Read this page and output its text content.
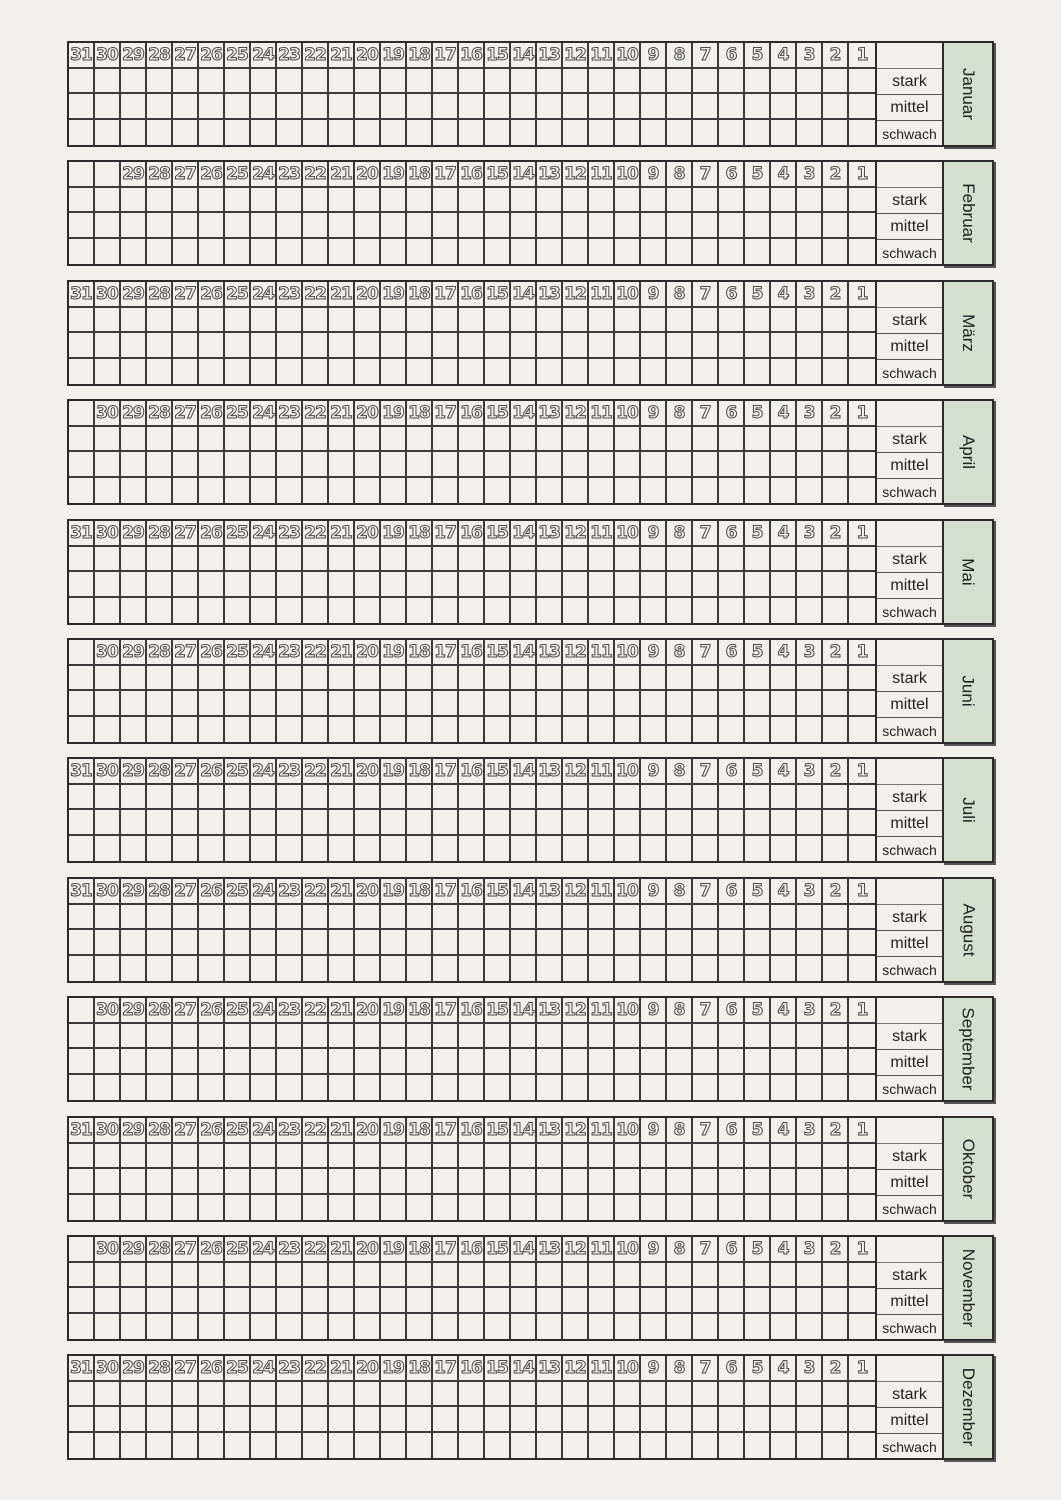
31 30 29 28 27 26 25 24 23 22 21 20 19 18 17 16 15 14 13 12 11 10 9 8 7 6 5 4 3 2 1
stark
mittel
schwach
Januar
29 28 27 26 25 24 23 22 21 20 19 18 17 16 15 14 13 12 11 10 9 8 7 6 5 4 3 2 1
stark
mittel
schwach
Februar
31 30 29 28 27 26 25 24 23 22 21 20 19 18 17 16 15 14 13 12 11 10 9 8 7 6 5 4 3 2 1
stark
mittel
schwach
März
30 29 28 27 26 25 24 23 22 21 20 19 18 17 16 15 14 13 12 11 10 9 8 7 6 5 4 3 2 1
stark
mittel
schwach
April
31 30 29 28 27 26 25 24 23 22 21 20 19 18 17 16 15 14 13 12 11 10 9 8 7 6 5 4 3 2 1
stark
mittel
schwach
Mai
30 29 28 27 26 25 24 23 22 21 20 19 18 17 16 15 14 13 12 11 10 9 8 7 6 5 4 3 2 1
stark
mittel
schwach
Juni
31 30 29 28 27 26 25 24 23 22 21 20 19 18 17 16 15 14 13 12 11 10 9 8 7 6 5 4 3 2 1
stark
mittel
schwach
Juli
31 30 29 28 27 26 25 24 23 22 21 20 19 18 17 16 15 14 13 12 11 10 9 8 7 6 5 4 3 2 1
stark
mittel
schwach
August
30 29 28 27 26 25 24 23 22 21 20 19 18 17 16 15 14 13 12 11 10 9 8 7 6 5 4 3 2 1
stark
mittel
schwach	September
31 30 29 28 27 26 25 24 23 22 21 20 19 18 17 16 15 14 13 12 11 10 9 8 7 6 5 4 3 2 1
stark
mittel
schwach
Oktober
30 29 28 27 26 25 24 23 22 21 20 19 18 17 16 15 14 13 12 11 10 9 8 7 6 5 4 3 2 1
stark
mittel
schwach
November
31 30 29 28 27 26 25 24 23 22 21 20 19 18 17 16 15 14 13 12 11 10 9 8 7 6 5 4 3 2 1
stark
mittel
schwach
Dezember
